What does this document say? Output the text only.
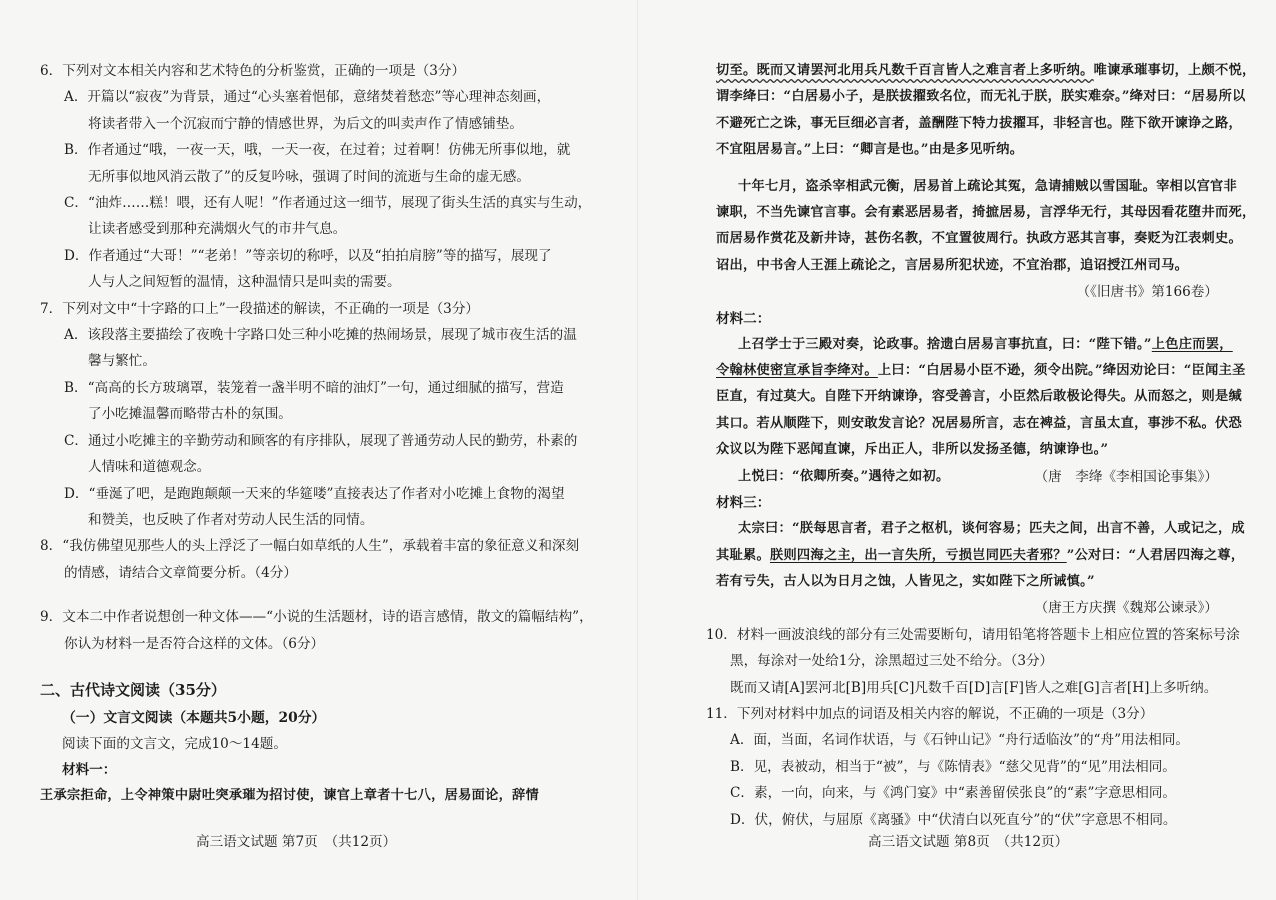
6．下列对文本相关内容和艺术特色的分析鉴赏，正确的一项是（3分）
A．开篇以“寂夜”为背景，通过“心头塞着悒郁，意绪焚着愁恋”等心理神态刻画，
将读者带入一个沉寂而宁静的情感世界，为后文的叫卖声作了情感铺垫。
B．作者通过“哦，一夜一天，哦，一天一夜，在过着；过着啊！仿佛无所事似地，就
无所事似地风消云散了”的反复吟咏，强调了时间的流逝与生命的虚无感。
C．“油炸……糕！喂，还有人呢！”作者通过这一细节，展现了街头生活的真实与生动，
让读者感受到那种充满烟火气的市井气息。
D．作者通过“大哥！”“老弟！”等亲切的称呼，以及“拍拍肩膀”等的描写，展现了
人与人之间短暂的温情，这种温情只是叫卖的需要。
7．下列对文中“十字路的口上”一段描述的解读，不正确的一项是（3分）
A．该段落主要描绘了夜晚十字路口处三种小吃摊的热闹场景，展现了城市夜生活的温
馨与繁忙。
B．“高高的长方玻璃罩，装笼着一盏半明不暗的油灯”一句，通过细腻的描写，营造
了小吃摊温馨而略带古朴的氛围。
C．通过小吃摊主的辛勤劳动和顾客的有序排队，展现了普通劳动人民的勤劳，朴素的
人情味和道德观念。
D．“垂涎了吧，是跑跑颠颠一天来的华筵喽”直接表达了作者对小吃摊上食物的渴望
和赞美，也反映了作者对劳动人民生活的同情。
8．“我仿佛望见那些人的头上浮泛了一幅白如草纸的人生”，承载着丰富的象征意义和深刻
的情感，请结合文章简要分析。（4分）
9．文本二中作者说想创一种文体——“小说的生活题材，诗的语言感情，散文的篇幅结构”，
你认为材料一是否符合这样的文体。（6分）
二、古代诗文阅读（35分）
（一）文言文阅读（本题共5小题，20分）
阅读下面的文言文，完成10～14题。
材料一：
王承宗拒命，上令神策中尉吐突承璀为招讨使，谏官上章者十七八，居易面论，辞情
高三语文试题 第7页　（共12页）
切至。既而又请罢河北用兵凡数千百言皆人之难言者上多听纳。唯谏承璀事切，上颇不悦，
谓李绛曰：“白居易小子，是朕拔擢致名位，而无礼于朕，朕实难奈。”绛对曰：“居易所以
不避死亡之诛，事无巨细必言者，盖酬陛下特力拔擢耳，非轻言也。陛下欲开谏诤之路，
不宜阻居易言。”上曰：“卿言是也。”由是多见听纳。
十年七月，盗杀宰相武元衡，居易首上疏论其冤，急请捕贼以雪国耻。宰相以宫官非
谏职，不当先谏官言事。会有素恶居易者，掎摭居易，言浮华无行，其母因看花堕井而死，
而居易作赏花及新井诗，甚伤名教，不宜置彼周行。执政方恶其言事，奏贬为江表刺史。
诏出，中书舍人王涯上疏论之，言居易所犯状迹，不宜治郡，追诏授江州司马。
（《旧唐书》第166卷）
材料二：
上召学士于三殿对奏，论政事。捨遗白居易言事抗直，曰：“陛下错。”上色庄而罢，
令翰林使密宣承旨李绛对。上曰：“白居易小臣不逊，须令出院。”绛因劝论曰：“臣闻主圣
臣直，有过莫大。自陛下开纳谏诤，容受善言，小臣然后敢极论得失。从而怒之，则是缄
其口。若从顺陛下，则安敢发言论？况居易所言，志在裨益，言虽太直，事涉不私。伏恐
众议以为陛下恶闻直谏，斥出正人，非所以发扬圣德，纳谏诤也。”
上悦曰：“依卿所奏。”遇待之如初。	（唐　李绛《李相国论事集》）
材料三：
太宗曰：“朕每思言者，君子之枢机，谈何容易；匹夫之间，出言不善，人或记之，成
其耻累。朕则四海之主，出一言失所，亏损岂同匹夫者邪？”公对曰：“人君居四海之尊，
若有亏失，古人以为日月之蚀，人皆见之，实如陛下之所诫慎。”
（唐王方庆撰《魏郑公谏录》）
10．材料一画波浪线的部分有三处需要断句，请用铅笔将答题卡上相应位置的答案标号涂
黑，每涂对一处给1分，涂黑超过三处不给分。（3分）
既而又请[A]罢河北[B]用兵[C]凡数千百[D]言[F]皆人之难[G]言者[H]上多听纳。
11．下列对材料中加点的词语及相关内容的解说，不正确的一项是（3分）
A．面，当面，名词作状语，与《石钟山记》“舟行适临汝”的“舟”用法相同。
B．见，表被动，相当于“被”，与《陈情表》“慈父见背”的“见”用法相同。
C．素，一向，向来，与《鸿门宴》中“素善留侯张良”的“素”字意思相同。
D．伏，俯伏，与屈原《离骚》中“伏清白以死直兮”的“伏”字意思不相同。
高三语文试题 第8页　（共12页）
